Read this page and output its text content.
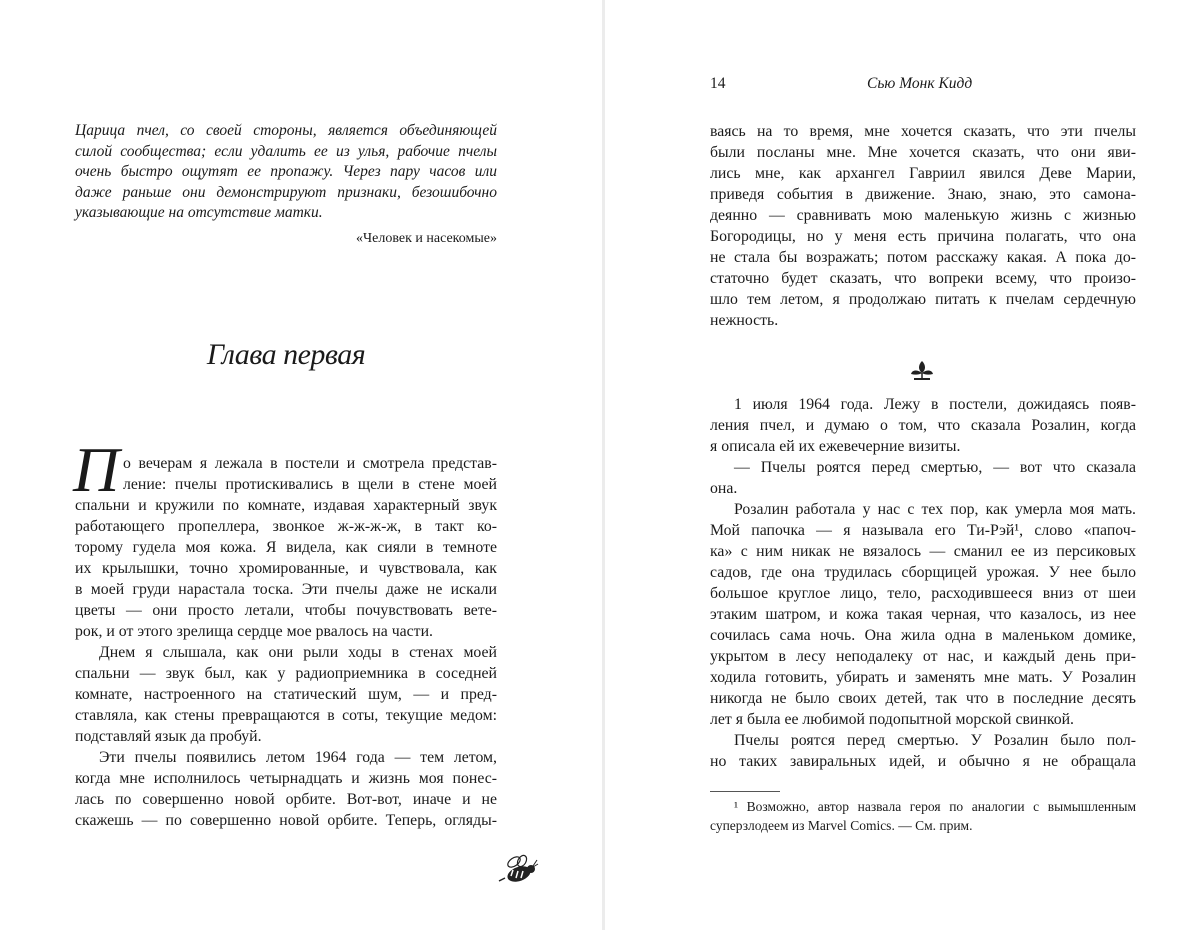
Царица пчел, со своей стороны, является объединяющей
силой сообщества; если удалить ее из улья, рабочие пчелы
очень быстро ощутят ее пропажу. Через пару часов или
даже раньше они демонстрируют признаки, безошибочно
указывающие на отсутствие матки.
«Человек и насекомые»
Глава первая
П о вечерам я лежала в постели и смотрела представ-
ление: пчелы протискивались в щели в стене моей
спальни и кружили по комнате, издавая характерный звук
работающего пропеллера, звонкое ж-ж-ж-ж, в такт ко-
торому гудела моя кожа. Я видела, как сияли в темноте
их крылышки, точно хромированные, и чувствовала, как
в моей груди нарастала тоска. Эти пчелы даже не искали
цветы — они просто летали, чтобы почувствовать вете-
рок, и от этого зрелища сердце мое рвалось на части.
Днем я слышала, как они рыли ходы в стенах моей
спальни — звук был, как у радиоприемника в соседней
комнате, настроенного на статический шум, — и пред-
ставляла, как стены превращаются в соты, текущие медом:
подставляй язык да пробуй.
Эти пчелы появились летом 1964 года — тем летом,
когда мне исполнилось четырнадцать и жизнь моя понес-
лась по совершенно новой орбите. Вот-вот, иначе и не
скажешь — по совершенно новой орбите. Теперь, огляды-
14	Сью Монк Кидд
ваясь на то время, мне хочется сказать, что эти пчелы
были посланы мне. Мне хочется сказать, что они яви-
лись мне, как архангел Гавриил явился Деве Марии,
приведя события в движение. Знаю, знаю, это самона-
деянно — сравнивать мою маленькую жизнь с жизнью
Богородицы, но у меня есть причина полагать, что она
не стала бы возражать; потом расскажу какая. А пока до-
статочно будет сказать, что вопреки всему, что произо-
шло тем летом, я продолжаю питать к пчелам сердечную
нежность.
1 июля 1964 года. Лежу в постели, дожидаясь появ-
ления пчел, и думаю о том, что сказала Розалин, когда
я описала ей их ежевечерние визиты.
— Пчелы роятся перед смертью, — вот что сказала
она.
Розалин работала у нас с тех пор, как умерла моя мать.
Мой папочка — я называла его Ти-Рэй¹, слово «папоч-
ка» с ним никак не вязалось — сманил ее из персиковых
садов, где она трудилась сборщицей урожая. У нее было
большое круглое лицо, тело, расходившееся вниз от шеи
этаким шатром, и кожа такая черная, что казалось, из нее
сочилась сама ночь. Она жила одна в маленьком домике,
укрытом в лесу неподалеку от нас, и каждый день при-
ходила готовить, убирать и заменять мне мать. У Розалин
никогда не было своих детей, так что в последние десять
лет я была ее любимой подопытной морской свинкой.
Пчелы роятся перед смертью. У Розалин было пол-
но таких завиральных идей, и обычно я не обращала
¹ Возможно, автор назвала героя по аналогии с вымышленным
суперзлодеем из Marvel Comics. — См. прим.
